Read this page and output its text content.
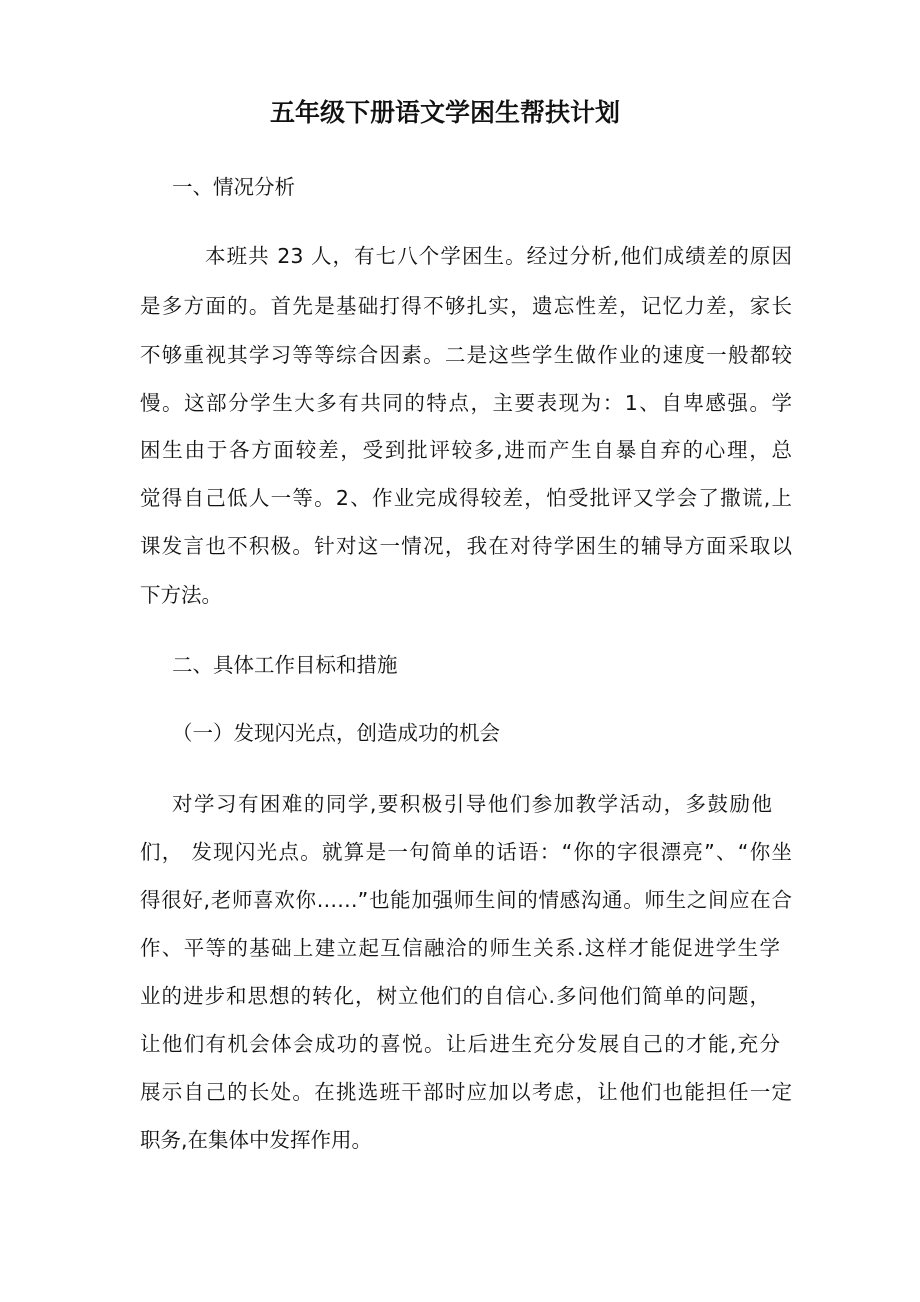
五年级下册语文学困生帮扶计划
一、情况分析
本班共 23 人，有七八个学困生。经过分析,他们成绩差的原因
是多方面的。首先是基础打得不够扎实，遗忘性差，记忆力差，家长
不够重视其学习等等综合因素。二是这些学生做作业的速度一般都较
慢。这部分学生大多有共同的特点，主要表现为：1、自卑感强。学
困生由于各方面较差，受到批评较多,进而产生自暴自弃的心理，总
觉得自己低人一等。2、作业完成得较差，怕受批评又学会了撒谎,上
课发言也不积极。针对这一情况，我在对待学困生的辅导方面采取以
下方法。
二、具体工作目标和措施
（一）发现闪光点，创造成功的机会
对学习有困难的同学,要积极引导他们参加教学活动，多鼓励他
们， 发现闪光点。就算是一句简单的话语：“你的字很漂亮”、“你坐
得很好,老师喜欢你……”也能加强师生间的情感沟通。师生之间应在合
作、平等的基础上建立起互信融洽的师生关系.这样才能促进学生学
业的进步和思想的转化，树立他们的自信心.多问他们简单的问题，
让他们有机会体会成功的喜悦。让后进生充分发展自己的才能,充分
展示自己的长处。在挑选班干部时应加以考虑，让他们也能担任一定
职务,在集体中发挥作用。
